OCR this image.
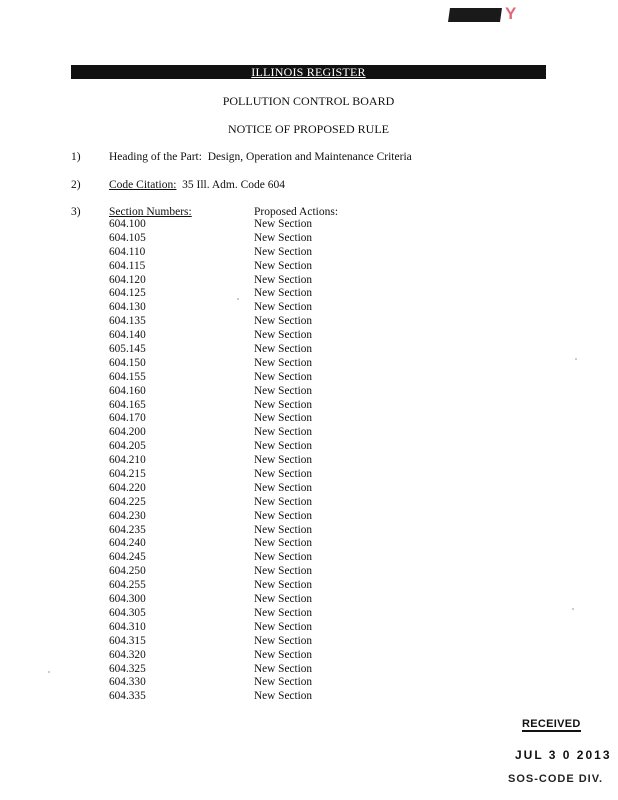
Y
ILLINOIS REGISTER
POLLUTION CONTROL BOARD
NOTICE OF PROPOSED RULE
1) Heading of the Part: Design, Operation and Maintenance Criteria
2) Code Citation: 35 Ill. Adm. Code 604
3) Section Numbers:	Proposed Actions:
604.100	New Section
604.105	New Section
604.110	New Section
604.115	New Section
604.120	New Section
604.125	New Section
604.130	New Section
604.135	New Section
604.140	New Section
605.145	New Section
604.150	New Section
604.155	New Section
604.160	New Section
604.165	New Section
604.170	New Section
604.200	New Section
604.205	New Section
604.210	New Section
604.215	New Section
604.220	New Section
604.225	New Section
604.230	New Section
604.235	New Section
604.240	New Section
604.245	New Section
604.250	New Section
604.255	New Section
604.300	New Section
604.305	New Section
604.310	New Section
604.315	New Section
604.320	New Section
604.325	New Section
604.330	New Section
604.335	New Section
RECEIVED
JUL 3 0 2013
SOS-CODE DIV.
